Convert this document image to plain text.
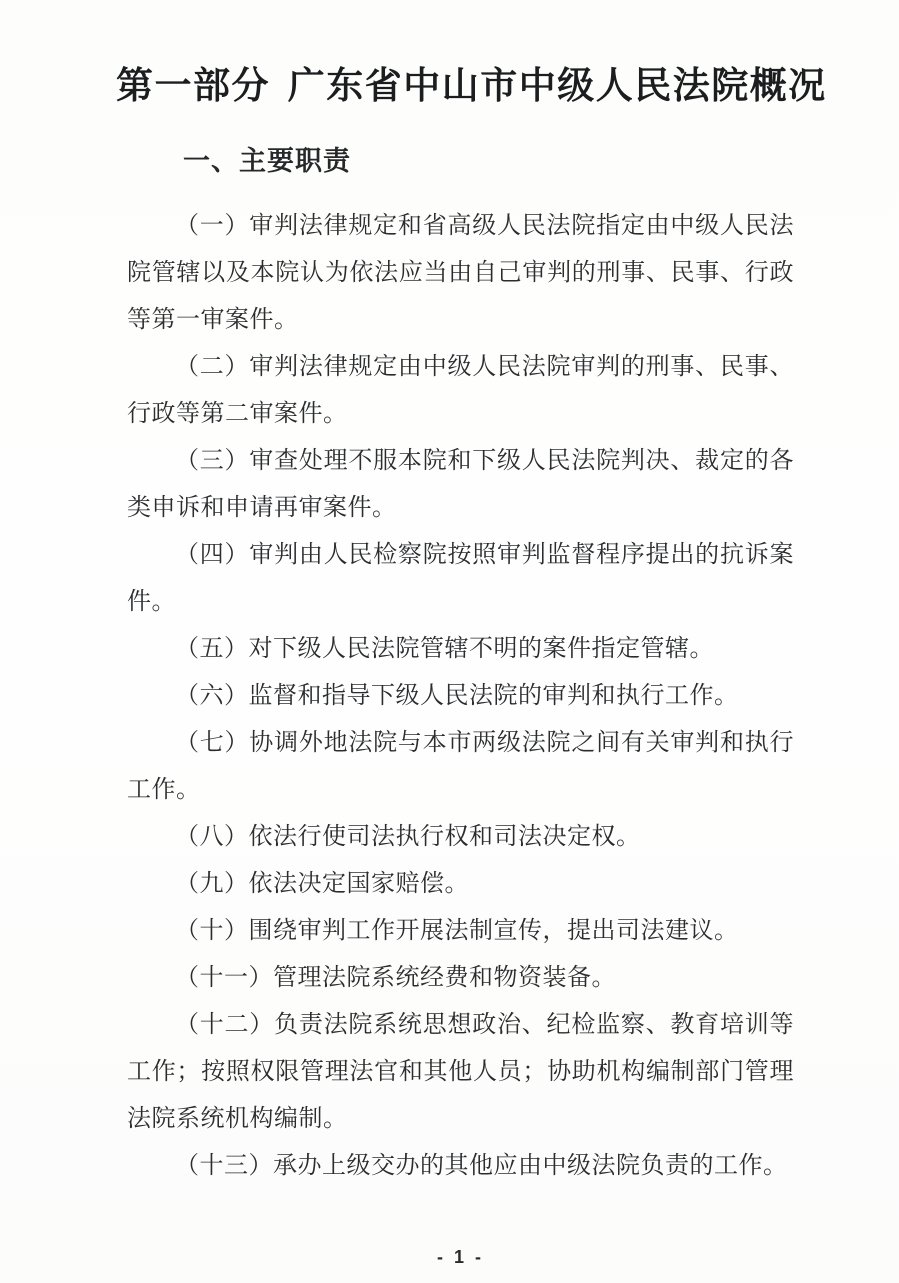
第一部分 广东省中山市中级人民法院概况
一、主要职责

（一）审判法律规定和省高级人民法院指定由中级人民法院管辖以及本院认为依法应当由自己审判的刑事、民事、行政等第一审案件。

（二）审判法律规定由中级人民法院审判的刑事、民事、行政等第二审案件。

（三）审查处理不服本院和下级人民法院判决、裁定的各类申诉和申请再审案件。

（四）审判由人民检察院按照审判监督程序提出的抗诉案件。

（五）对下级人民法院管辖不明的案件指定管辖。

（六）监督和指导下级人民法院的审判和执行工作。

（七）协调外地法院与本市两级法院之间有关审判和执行工作。

（八）依法行使司法执行权和司法决定权。

（九）依法决定国家赔偿。

（十）围绕审判工作开展法制宣传，提出司法建议。

（十一）管理法院系统经费和物资装备。

（十二）负责法院系统思想政治、纪检监察、教育培训等工作；按照权限管理法官和其他人员；协助机构编制部门管理法院系统机构编制。

（十三）承办上级交办的其他应由中级法院负责的工作。

- 1 -
